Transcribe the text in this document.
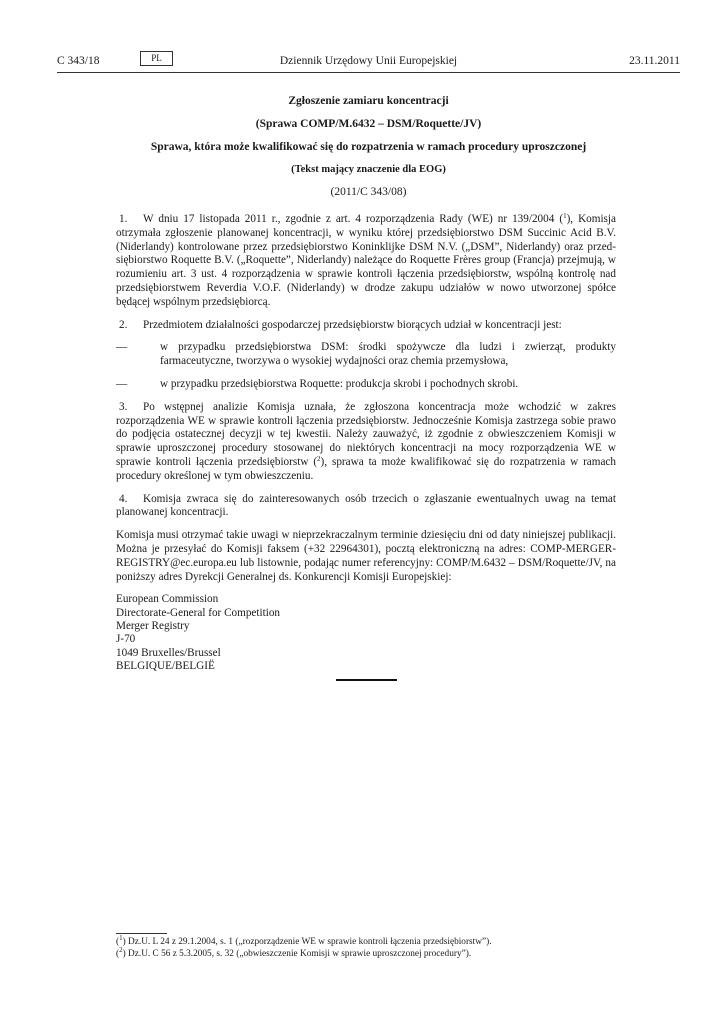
C 343/18	PL	Dziennik Urzędowy Unii Europejskiej	23.11.2011

Zgłoszenie zamiaru koncentracji

(Sprawa COMP/M.6432 – DSM/Roquette/JV)

Sprawa, która może kwalifikować się do rozpatrzenia w ramach procedury uproszczonej

(Tekst mający znaczenie dla EOG)

(2011/C 343/08)

1. W dniu 17 listopada 2011 r., zgodnie z art. 4 rozporządzenia Rady (WE) nr 139/2004 ($^1$), Komisja otrzymała zgłoszenie planowanej koncentracji, w wyniku której przedsiębiorstwo DSM Succinic Acid B.V. (Niderlandy) kontrolowane przez przedsiębiorstwo Koninklijke DSM N.V. („DSM”, Niderlandy) oraz przedsiębiorstwo Roquette B.V. („Roquette”, Niderlandy) należące do Roquette Frères group (Francja) przejmują, w rozumieniu art. 3 ust. 4 rozporządzenia w sprawie kontroli łączenia przedsiębiorstw, wspólną kontrolę nad przedsiębiorstwem Reverdia V.O.F. (Niderlandy) w drodze zakupu udziałów w nowo utworzonej spółce będącej wspólnym przedsiębiorcą.

2. Przedmiotem działalności gospodarczej przedsiębiorstw biorących udział w koncentracji jest:

—	w przypadku przedsiębiorstwa DSM: środki spożywcze dla ludzi i zwierząt, produkty farmaceutyczne, tworzywa o wysokiej wydajności oraz chemia przemysłowa,
—	w przypadku przedsiębiorstwa Roquette: produkcja skrobi i pochodnych skrobi.

3. Po wstępnej analizie Komisja uznała, że zgłoszona koncentracja może wchodzić w zakres rozporządzenia WE w sprawie kontroli łączenia przedsiębiorstw. Jednocześnie Komisja zastrzega sobie prawo do podjęcia ostatecznej decyzji w tej kwestii. Należy zauważyć, iż zgodnie z obwieszczeniem Komisji w sprawie uproszczonej procedury stosowanej do niektórych koncentracji na mocy rozporządzenia WE w sprawie kontroli łączenia przedsiębiorstw ($^2$), sprawa ta może kwalifikować się do rozpatrzenia w ramach procedury określonej w tym obwieszczeniu.

4. Komisja zwraca się do zainteresowanych osób trzecich o zgłaszanie ewentualnych uwag na temat planowanej koncentracji.

Komisja musi otrzymać takie uwagi w nieprzekraczalnym terminie dziesięciu dni od daty niniejszej publikacji. Można je przesyłać do Komisji faksem (+32 22964301), pocztą elektroniczną na adres: COMP-MERGER-REGISTRY@ec.europa.eu lub listownie, podając numer referencyjny: COMP/M.6432 – DSM/Roquette/JV, na poniższy adres Dyrekcji Generalnej ds. Konkurencji Komisji Europejskiej:

European Commission
Directorate-General for Competition
Merger Registry
J-70
1049 Bruxelles/Brussel
BELGIQUE/BELGIË
($^1$) Dz.U. L 24 z 29.1.2004, s. 1 („rozporządzenie WE w sprawie kontroli łączenia przedsiębiorstw”).
($^2$) Dz.U. C 56 z 5.3.2005, s. 32 („obwieszczenie Komisji w sprawie uproszczonej procedury”).
